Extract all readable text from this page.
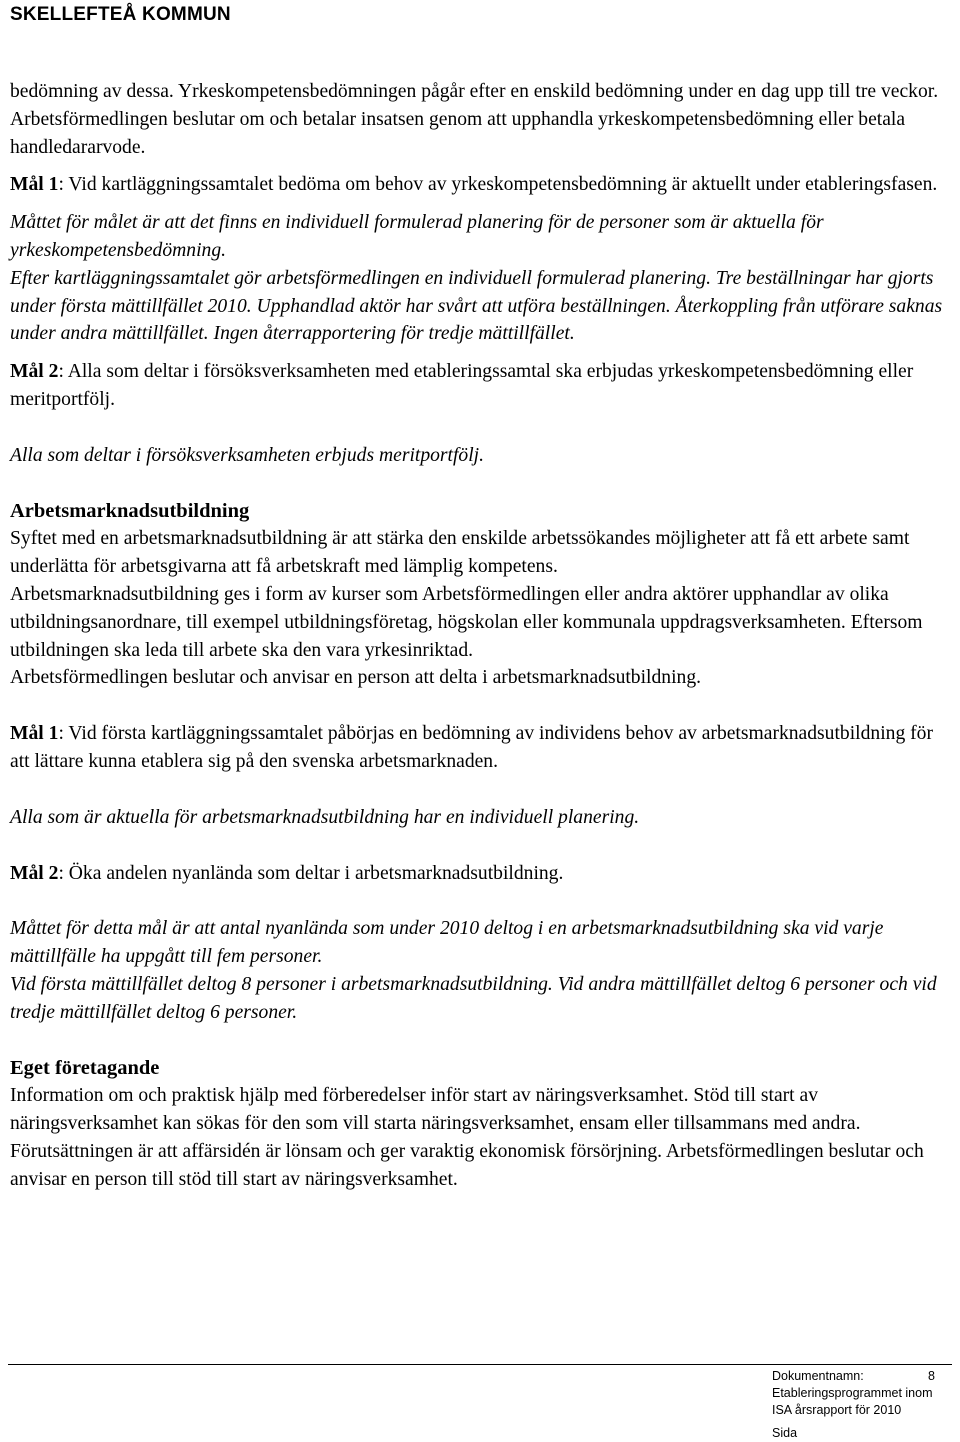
SKELLEFTEÅ KOMMUN

bedömning av dessa. Yrkeskompetensbedömningen pågår efter en enskild bedömning under en dag upp till tre veckor. Arbetsförmedlingen beslutar om och betalar insatsen genom att upphandla yrkeskompetensbedömning eller betala handledararvode.

Mål 1: Vid kartläggningssamtalet bedöma om behov av yrkeskompetensbedömning är aktuellt under etableringsfasen.

Måttet för målet är att det finns en individuell formulerad planering för de personer som är aktuella för yrkeskompetensbedömning.

Efter kartläggningssamtalet gör arbetsförmedlingen en individuell formulerad planering. Tre beställningar har gjorts under första mättillfället 2010. Upphandlad aktör har svårt att utföra beställningen. Återkoppling från utförare saknas under andra mättillfället. Ingen återrapportering för tredje mättillfället.

Mål 2: Alla som deltar i försöksverksamheten med etableringssamtal ska erbjudas yrkeskompetensbedömning eller meritportfölj.

Alla som deltar i försöksverksamheten erbjuds meritportfölj.

Arbetsmarknadsutbildning

Syftet med en arbetsmarknadsutbildning är att stärka den enskilde arbetssökandes möjligheter att få ett arbete samt underlätta för arbetsgivarna att få arbetskraft med lämplig kompetens.

Arbetsmarknadsutbildning ges i form av kurser som Arbetsförmedlingen eller andra aktörer upphandlar av olika utbildningsanordnare, till exempel utbildningsföretag, högskolan eller kommunala uppdragsverksamheten. Eftersom utbildningen ska leda till arbete ska den vara yrkesinriktad.

Arbetsförmedlingen beslutar och anvisar en person att delta i arbetsmarknadsutbildning.

Mål 1: Vid första kartläggningssamtalet påbörjas en bedömning av individens behov av arbetsmarknadsutbildning för att lättare kunna etablera sig på den svenska arbetsmarknaden.

Alla som är aktuella för arbetsmarknadsutbildning har en individuell planering.

Mål 2: Öka andelen nyanlända som deltar i arbetsmarknadsutbildning.

Måttet för detta mål är att antal nyanlända som under 2010 deltog i en arbetsmarknadsutbildning ska vid varje mättillfälle ha uppgått till fem personer.

Vid första mättillfället deltog 8 personer i arbetsmarknadsutbildning. Vid andra mättillfället deltog 6 personer och vid tredje mättillfället deltog 6 personer.

Eget företagande

Information om och praktisk hjälp med förberedelser inför start av näringsverksamhet. Stöd till start av näringsverksamhet kan sökas för den som vill starta näringsverksamhet, ensam eller tillsammans med andra. Förutsättningen är att affärsidén är lönsam och ger varaktig ekonomisk försörjning. Arbetsförmedlingen beslutar och anvisar en person till stöd till start av näringsverksamhet.

Dokumentnamn:
Etableringsprogrammet inom
ISA årsrapport för 2010
8
Sida
